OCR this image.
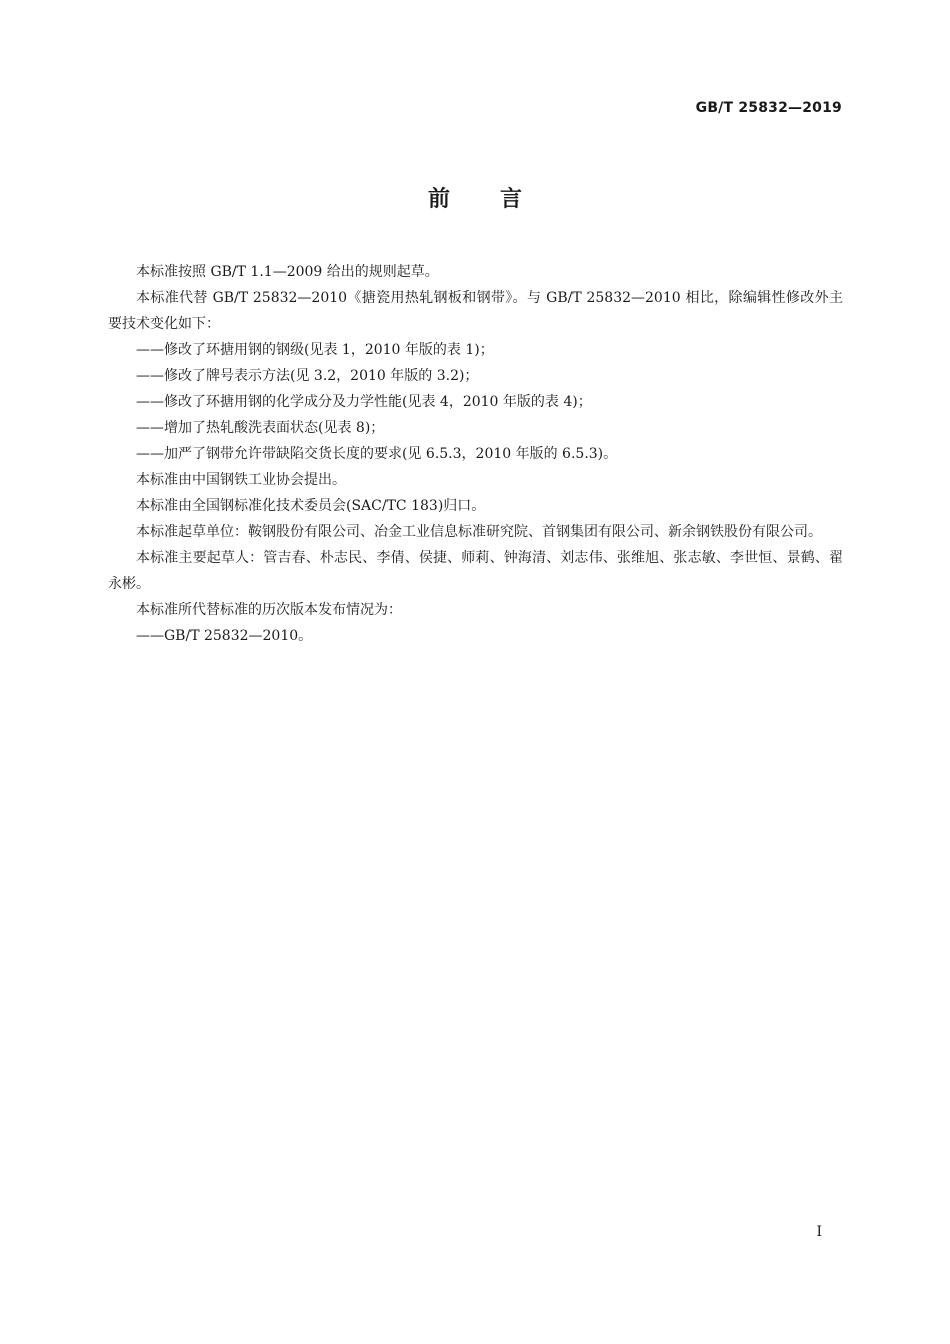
GB/T 25832—2019
前言

本标准按照 GB/T 1.1—2009 给出的规则起草。

本标准代替 GB/T 25832—2010《搪瓷用热轧钢板和钢带》。与 GB/T 25832—2010 相比，除编辑性修改外主要技术变化如下：

——修改了环搪用钢的钢级(见表 1，2010 年版的表 1)；

——修改了牌号表示方法(见 3.2，2010 年版的 3.2)；

——修改了环搪用钢的化学成分及力学性能(见表 4，2010 年版的表 4)；

——增加了热轧酸洗表面状态(见表 8)；

——加严了钢带允许带缺陷交货长度的要求(见 6.5.3，2010 年版的 6.5.3)。

本标准由中国钢铁工业协会提出。

本标准由全国钢标准化技术委员会(SAC/TC 183)归口。

本标准起草单位：鞍钢股份有限公司、冶金工业信息标准研究院、首钢集团有限公司、新余钢铁股份有限公司。

本标准主要起草人：管吉春、朴志民、李倩、侯捷、师莉、钟海清、刘志伟、张维旭、张志敏、李世恒、景鹤、翟永彬。

本标准所代替标准的历次版本发布情况为：

——GB/T 25832—2010。

I
